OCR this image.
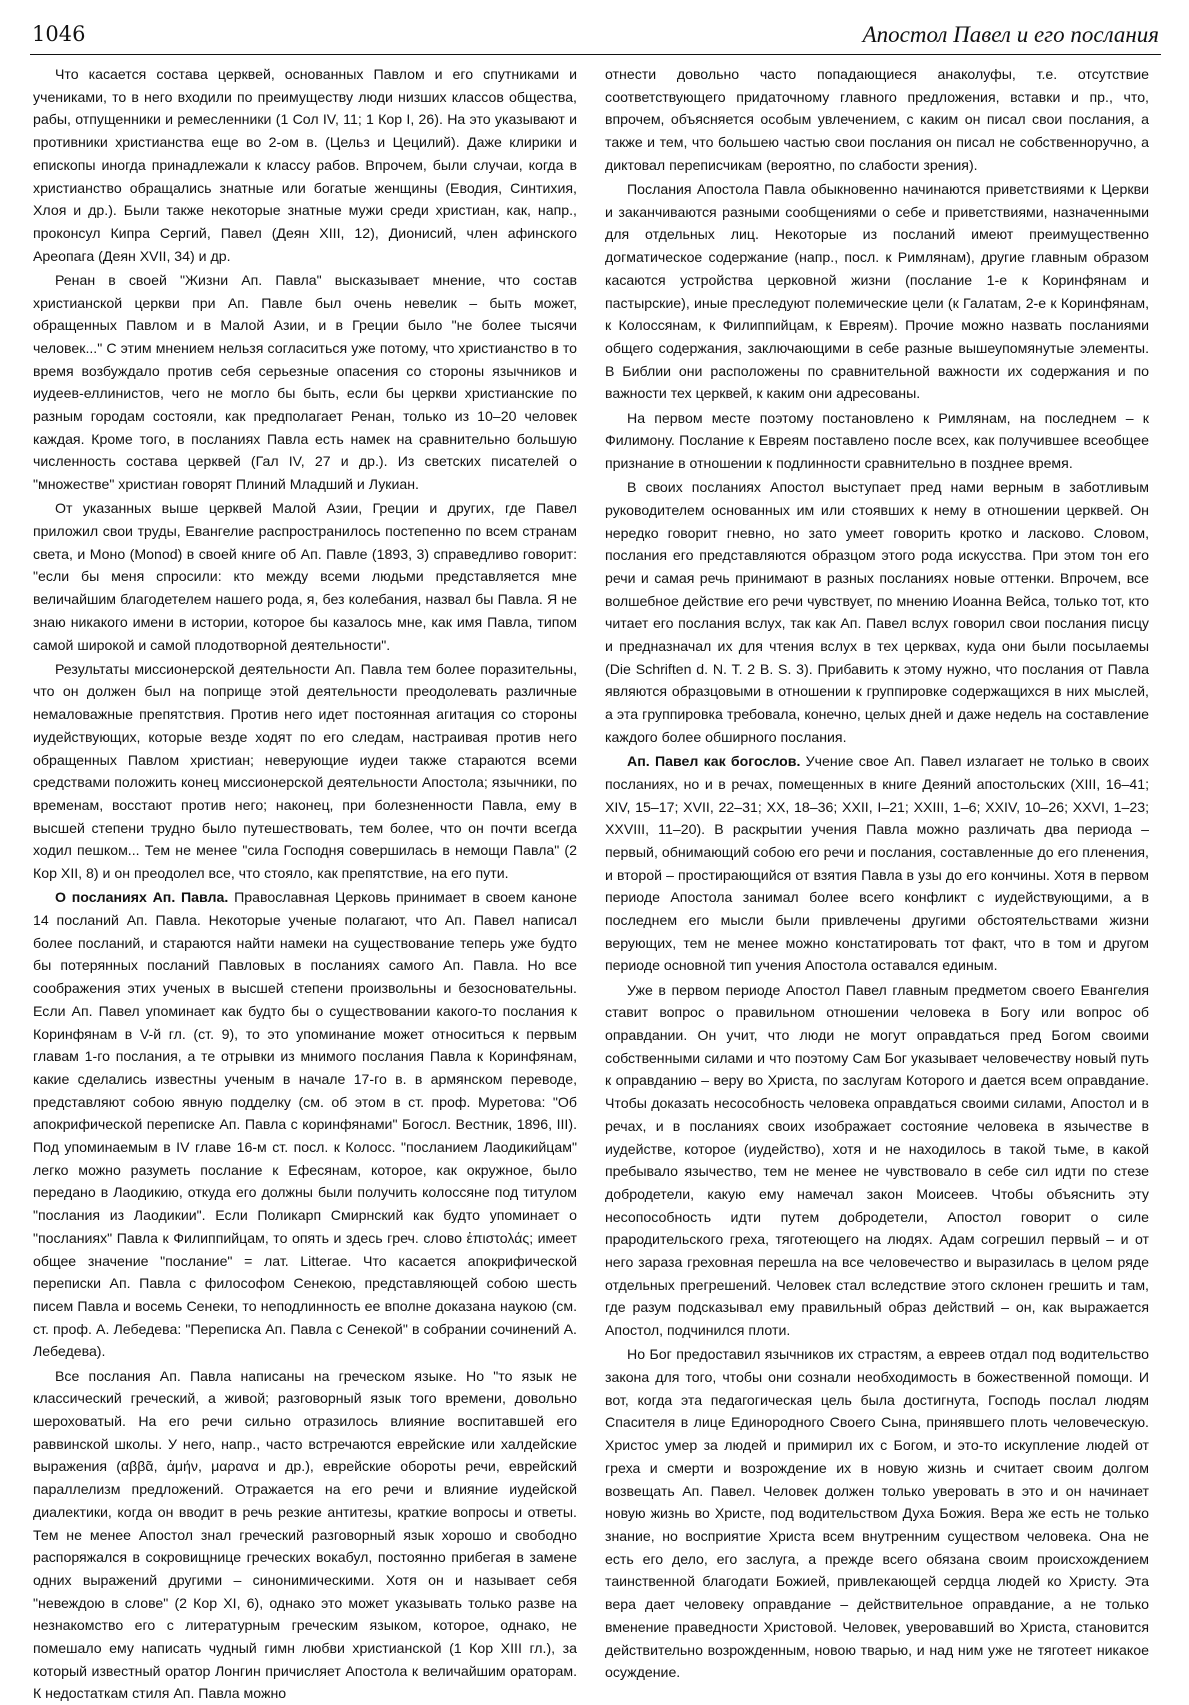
1046	Апостол Павел и его послания

Что касается состава церквей, основанных Павлом и его спутниками и учениками, то в него входили по преимуществу люди низших классов общества, рабы, отпущенники и ремесленники (1 Сол IV, 11; 1 Кор I, 26). На это указывают и противники христианства еще во 2-ом в. (Цельз и Цецилий). Даже клирики и епископы иногда принадлежали к классу рабов. Впрочем, были случаи, когда в христианство обращались знатные или богатые женщины (Еводия, Синтихия, Хлоя и др.). Были также некоторые знатные мужи среди христиан, как, напр., проконсул Кипра Сергий, Павел (Деян XIII, 12), Дионисий, член афинского Ареопага (Деян XVII, 34) и др.

Ренан в своей "Жизни Ап. Павла" высказывает мнение, что состав христианской церкви при Ап. Павле был очень невелик – быть может, обращенных Павлом и в Малой Азии, и в Греции было "не более тысячи человек..." С этим мнением нельзя согласиться уже потому, что христианство в то время возбуждало против себя серьезные опасения со стороны язычников и иудеев-еллинистов, чего не могло бы быть, если бы церкви христианские по разным городам состояли, как предполагает Ренан, только из 10–20 человек каждая. Кроме того, в посланиях Павла есть намек на сравнительно большую численность состава церквей (Гал IV, 27 и др.). Из светских писателей о "множестве" христиан говорят Плиний Младший и Лукиан.

От указанных выше церквей Малой Азии, Греции и других, где Павел приложил свои труды, Евангелие распространилось постепенно по всем странам света, и Моно (Monod) в своей книге об Ап. Павле (1893, 3) справедливо говорит: "если бы меня спросили: кто между всеми людьми представляется мне величайшим благодетелем нашего рода, я, без колебания, назвал бы Павла. Я не знаю никакого имени в истории, которое бы казалось мне, как имя Павла, типом самой широкой и самой плодотворной деятельности".

Результаты миссионерской деятельности Ап. Павла тем более поразительны, что он должен был на поприще этой деятельности преодолевать различные немаловажные препятствия. Против него идет постоянная агитация со стороны иудействующих, которые везде ходят по его следам, настраивая против него обращенных Павлом христиан; неверующие иудеи также стараются всеми средствами положить конец миссионерской деятельности Апостола; язычники, по временам, восстают против него; наконец, при болезненности Павла, ему в высшей степени трудно было путешествовать, тем более, что он почти всегда ходил пешком... Тем не менее "сила Господня совершилась в немощи Павла" (2 Кор XII, 8) и он преодолел все, что стояло, как препятствие, на его пути.

О посланиях Ап. Павла. Православная Церковь принимает в своем каноне 14 посланий Ап. Павла. Некоторые ученые полагают, что Ап. Павел написал более посланий, и стараются найти намеки на существование теперь уже будто бы потерянных посланий Павловых в посланиях самого Ап. Павла. Но все соображения этих ученых в высшей степени произвольны и безосновательны. Если Ап. Павел упоминает как будто бы о существовании какого-то послания к Коринфянам в V-й гл. (ст. 9), то это упоминание может относиться к первым главам 1-го послания, а те отрывки из мнимого послания Павла к Коринфянам, какие сделались известны ученым в начале 17-го в. в армянском переводе, представляют собою явную подделку (см. об этом в ст. проф. Муретова: "Об апокрифической переписке Ап. Павла с коринфянами" Богосл. Вестник, 1896, III). Под упоминаемым в IV главе 16-м ст. посл. к Колосс. "посланием Лаодикийцам" легко можно разуметь послание к Ефесянам, которое, как окружное, было передано в Лаодикию, откуда его должны были получить колоссяне под титулом "послания из Лаодикии". Если Поликарп Смирнский как будто упоминает о "посланиях" Павла к Филиппийцам, то опять и здесь греч. слово ἐπιστολάς; имеет общее значение "послание" = лат. Litterae. Что касается апокрифической переписки Ап. Павла с философом Сенекою, представляющей собою шесть писем Павла и восемь Сенеки, то неподлинность ее вполне доказана наукою (см. ст. проф. А. Лебедева: "Переписка Ап. Павла с Сенекой" в собрании сочинений А. Лебедева).

Все послания Ап. Павла написаны на греческом языке. Но "то язык не классический греческий, а живой; разговорный язык того времени, довольно шероховатый. На его речи сильно отразилось влияние воспитавшей его раввинской школы. У него, напр., часто встречаются еврейские или халдейские выражения (αββᾶ, ἀμήν, μαρανα и др.), еврейские обороты речи, еврейский параллелизм предложений. Отражается на его речи и влияние иудейской диалектики, когда он вводит в речь резкие антитезы, краткие вопросы и ответы. Тем не менее Апостол знал греческий разговорный язык хорошо и свободно распоряжался в сокровищнице греческих вокабул, постоянно прибегая в замене одних выражений другими – синонимическими. Хотя он и называет себя "невеждою в слове" (2 Кор XI, 6), однако это может указывать только разве на незнакомство его с литературным греческим языком, которое, однако, не помешало ему написать чудный гимн любви христианской (1 Кор XIII гл.), за который известный оратор Лонгин причисляет Апостола к величайшим ораторам. К недостаткам стиля Ап. Павла можно

отнести довольно часто попадающиеся анаколуфы, т.е. отсутствие соответствующего придаточному главного предложения, вставки и пр., что, впрочем, объясняется особым увлечением, с каким он писал свои послания, а также и тем, что большею частью свои послания он писал не собственноручно, а диктовал переписчикам (вероятно, по слабости зрения).

Послания Апостола Павла обыкновенно начинаются приветствиями к Церкви и заканчиваются разными сообщениями о себе и приветствиями, назначенными для отдельных лиц. Некоторые из посланий имеют преимущественно догматическое содержание (напр., посл. к Римлянам), другие главным образом касаются устройства церковной жизни (послание 1-е к Коринфянам и пастырские), иные преследуют полемические цели (к Галатам, 2-е к Коринфянам, к Колоссянам, к Филиппийцам, к Евреям). Прочие можно назвать посланиями общего содержания, заключающими в себе разные вышеупомянутые элементы. В Библии они расположены по сравнительной важности их содержания и по важности тех церквей, к каким они адресованы.

На первом месте поэтому постановлено к Римлянам, на последнем – к Филимону. Послание к Евреям поставлено после всех, как получившее всеобщее признание в отношении к подлинности сравнительно в позднее время.

В своих посланиях Апостол выступает пред нами верным в заботливым руководителем основанных им или стоявших к нему в отношении церквей. Он нередко говорит гневно, но зато умеет говорить кротко и ласково. Словом, послания его представляются образцом этого рода искусства. При этом тон его речи и самая речь принимают в разных посланиях новые оттенки. Впрочем, все волшебное действие его речи чувствует, по мнению Иоанна Вейса, только тот, кто читает его послания вслух, так как Ап. Павел вслух говорил свои послания писцу и предназначал их для чтения вслух в тех церквах, куда они были посылаемы (Die Schriften d. N. T. 2 B. S. 3). Прибавить к этому нужно, что послания от Павла являются образцовыми в отношении к группировке содержащихся в них мыслей, а эта группировка требовала, конечно, целых дней и даже недель на составление каждого более обширного послания.

Ап. Павел как богослов. Учение свое Ап. Павел излагает не только в своих посланиях, но и в речах, помещенных в книге Деяний апостольских (XIII, 16–41; XIV, 15–17; XVII, 22–31; XX, 18–36; XXII, I–21; XXIII, 1–6; XXIV, 10–26; XXVI, 1–23; XXVIII, 11–20). В раскрытии учения Павла можно различать два периода – первый, обнимающий собою его речи и послания, составленные до его пленения, и второй – простирающийся от взятия Павла в узы до его кончины. Хотя в первом периоде Апостола занимал более всего конфликт с иудействующими, а в последнем его мысли были привлечены другими обстоятельствами жизни верующих, тем не менее можно констатировать тот факт, что в том и другом периоде основной тип учения Апостола оставался единым.

Уже в первом периоде Апостол Павел главным предметом своего Евангелия ставит вопрос о правильном отношении человека в Богу или вопрос об оправдании. Он учит, что люди не могут оправдаться пред Богом своими собственными силами и что поэтому Сам Бог указывает человечеству новый путь к оправданию – веру во Христа, по заслугам Которого и дается всем оправдание. Чтобы доказать несособность человека оправдаться своими силами, Апостол и в речах, и в посланиях своих изображает состояние человека в язычестве в иудействе, которое (иудейство), хотя и не находилось в такой тьме, в какой пребывало язычество, тем не менее не чувствовало в себе сил идти по стезе добродетели, какую ему намечал закон Моисеев. Чтобы объяснить эту несопособность идти путем добродетели, Апостол говорит о силе прародительского греха, тяготеющего на людях. Адам согрешил первый – и от него зараза греховная перешла на все человечество и выразилась в целом ряде отдельных прегрешений. Человек стал вследствие этого склонен грешить и там, где разум подсказывал ему правильный образ действий – он, как выражается Апостол, подчинился плоти.

Но Бог предоставил язычников их страстям, а евреев отдал под водительство закона для того, чтобы они сознали необходимость в божественной помощи. И вот, когда эта педагогическая цель была достигнута, Господь послал людям Спасителя в лице Единородного Своего Сына, принявшего плоть человеческую. Христос умер за людей и примирил их с Богом, и это-то искупление людей от греха и смерти и возрождение их в новую жизнь и считает своим долгом возвещать Ап. Павел. Человек должен только уверовать в это и он начинает новую жизнь во Христе, под водительством Духа Божия. Вера же есть не только знание, но восприятие Христа всем внутренним существом человека. Она не есть его дело, его заслуга, а прежде всего обязана своим происхождением таинственной благодати Божией, привлекающей сердца людей ко Христу. Эта вера дает человеку оправдание – действительное оправдание, а не только вменение праведности Христовой. Человек, уверовавший во Христа, становится действительно возрожденным, новою тварью, и над ним уже не тяготеет никакое осуждение.
